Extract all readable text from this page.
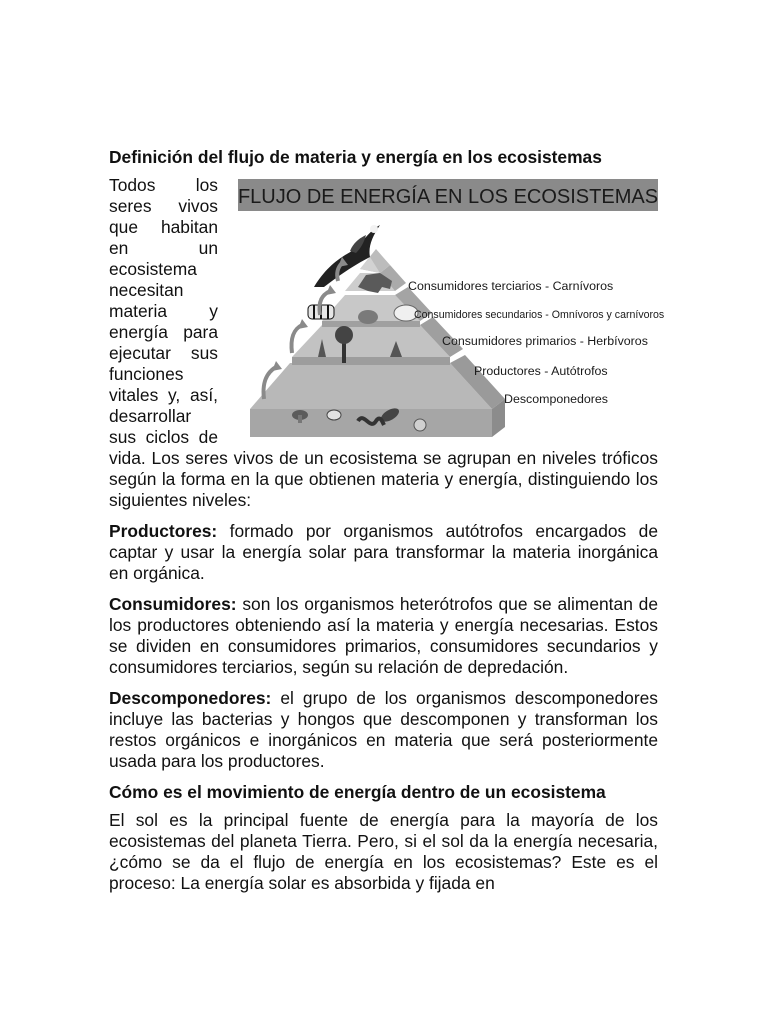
Definición del flujo de materia y energía en los ecosistemas
FLUJO DE ENERGÍA EN LOS ECOSISTEMAS
Consumidores terciarios - Carnívoros
Consumidores secundarios - Omnívoros y carnívoros
Consumidores primarios - Herbívoros
Productores - Autótrofos
Descomponedores

Todos los seres vivos que habitan en un ecosistema necesitan materia y energía para ejecutar sus funciones vitales y, así, desarrollar sus ciclos de vida. Los seres vivos de un ecosistema se agrupan en niveles tróficos según la forma en la que obtienen materia y energía, distinguiendo los siguientes niveles:

Productores: formado por organismos autótrofos encargados de captar y usar la energía solar para transformar la materia inorgánica en orgánica.

Consumidores: son los organismos heterótrofos que se alimentan de los productores obteniendo así la materia y energía necesarias. Estos se dividen en consumidores primarios, consumidores secundarios y consumidores terciarios, según su relación de depredación.

Descomponedores: el grupo de los organismos descomponedores incluye las bacterias y hongos que descomponen y transforman los restos orgánicos e inorgánicos en materia que será posteriormente usada para los productores.

Cómo es el movimiento de energía dentro de un ecosistema

El sol es la principal fuente de energía para la mayoría de los ecosistemas del planeta Tierra. Pero, si el sol da la energía necesaria, ¿cómo se da el flujo de energía en los ecosistemas? Este es el proceso: La energía solar es absorbida y fijada en
